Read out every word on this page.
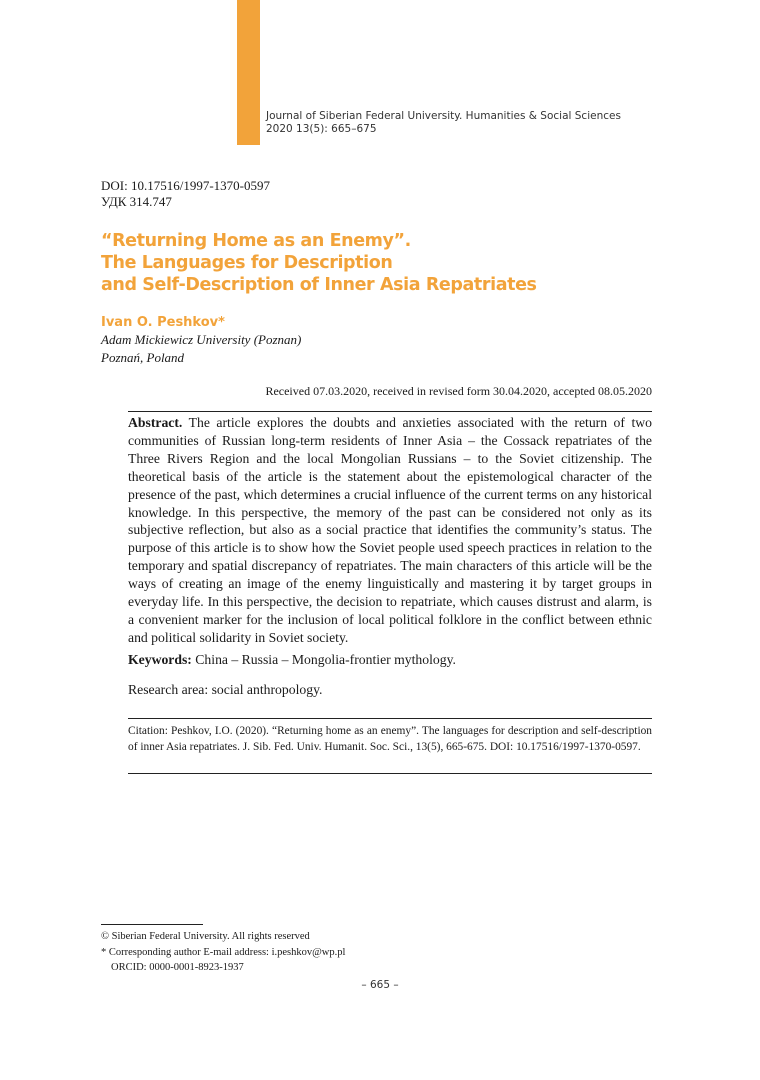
Journal of Siberian Federal University. Humanities & Social Sciences
2020 13(5): 665–675
DOI: 10.17516/1997-1370-0597
УДК 314.747
“Returning Home as an Enemy”.
The Languages for Description
and Self-Description of Inner Asia Repatriates
Ivan O. Peshkov*
Adam Mickiewicz University (Poznan)
Poznań, Poland
Received 07.03.2020, received in revised form 30.04.2020, accepted 08.05.2020

Abstract. The article explores the doubts and anxieties associated with the return of two communities of Russian long-term residents of Inner Asia – the Cossack repatriates of the Three Rivers Region and the local Mongolian Russians – to the Soviet citizenship. The theoretical basis of the article is the statement about the epistemological character of the presence of the past, which determines a crucial influence of the current terms on any historical knowledge. In this perspective, the memory of the past can be considered not only as its subjective reflection, but also as a social practice that identifies the community’s status. The purpose of this article is to show how the Soviet people used speech practices in relation to the temporary and spatial discrepancy of repatriates. The main characters of this article will be the ways of creating an image of the enemy linguistically and mastering it by target groups in everyday life. In this perspective, the decision to repatriate, which causes distrust and alarm, is a convenient marker for the inclusion of local political folklore in the conflict between ethnic and political solidarity in Soviet society.

Keywords: China – Russia – Mongolia-frontier mythology.

Research area: social anthropology.

Citation: Peshkov, I.O. (2020). “Returning home as an enemy”. The languages for description and self-description of inner Asia repatriates. J. Sib. Fed. Univ. Humanit. Soc. Sci., 13(5), 665-675. DOI: 10.17516/1997-1370-0597.

© Siberian Federal University. All rights reserved
* Corresponding author E-mail address: i.peshkov@wp.pl
ORCID: 0000-0001-8923-1937
– 665 –
